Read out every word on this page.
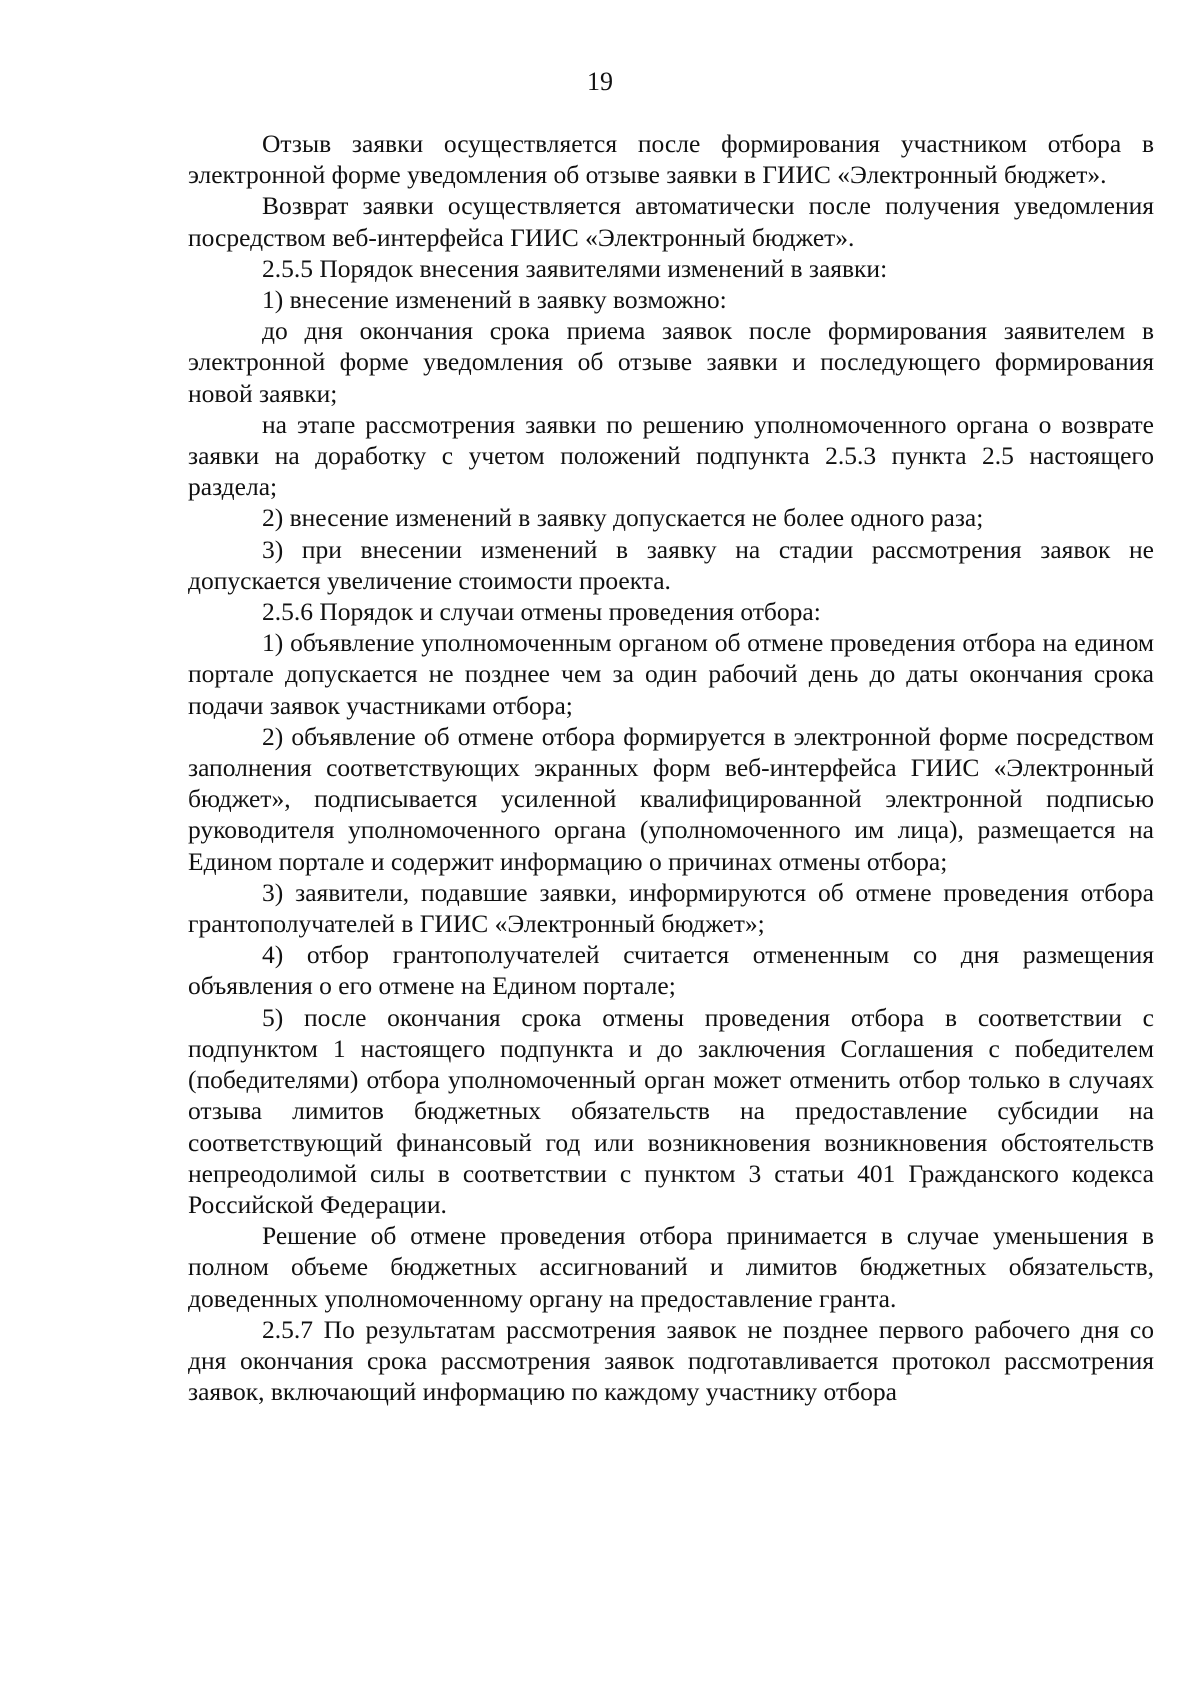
19

Отзыв заявки осуществляется после формирования участником отбора в электронной форме уведомления об отзыве заявки в ГИИС «Электронный бюджет».

Возврат заявки осуществляется автоматически после получения уведомления посредством веб-интерфейса ГИИС «Электронный бюджет».

2.5.5 Порядок внесения заявителями изменений в заявки:

1) внесение изменений в заявку возможно:

до дня окончания срока приема заявок после формирования заявителем в электронной форме уведомления об отзыве заявки и последующего формирования новой заявки;

на этапе рассмотрения заявки по решению уполномоченного органа о возврате заявки на доработку с учетом положений подпункта 2.5.3 пункта 2.5 настоящего раздела;

2) внесение изменений в заявку допускается не более одного раза;

3) при внесении изменений в заявку на стадии рассмотрения заявок не допускается увеличение стоимости проекта.

2.5.6 Порядок и случаи отмены проведения отбора:

1) объявление уполномоченным органом об отмене проведения отбора на едином портале допускается не позднее чем за один рабочий день до даты окончания срока подачи заявок участниками отбора;

2) объявление об отмене отбора формируется в электронной форме посредством заполнения соответствующих экранных форм веб-интерфейса ГИИС «Электронный бюджет», подписывается усиленной квалифицированной электронной подписью руководителя уполномоченного органа (уполномоченного им лица), размещается на Едином портале и содержит информацию о причинах отмены отбора;

3) заявители, подавшие заявки, информируются об отмене проведения отбора грантополучателей в ГИИС «Электронный бюджет»;

4) отбор грантополучателей считается отмененным со дня размещения объявления о его отмене на Едином портале;

5) после окончания срока отмены проведения отбора в соответствии с подпунктом 1 настоящего подпункта и до заключения Соглашения с победителем (победителями) отбора уполномоченный орган может отменить отбор только в случаях отзыва лимитов бюджетных обязательств на предоставление субсидии на соответствующий финансовый год или возникновения возникновения обстоятельств непреодолимой силы в соответствии с пунктом 3 статьи 401 Гражданского кодекса Российской Федерации.

Решение об отмене проведения отбора принимается в случае уменьшения в полном объеме бюджетных ассигнований и лимитов бюджетных обязательств, доведенных уполномоченному органу на предоставление гранта.

2.5.7 По результатам рассмотрения заявок не позднее первого рабочего дня со дня окончания срока рассмотрения заявок подготавливается протокол рассмотрения заявок, включающий информацию по каждому участнику отбора
